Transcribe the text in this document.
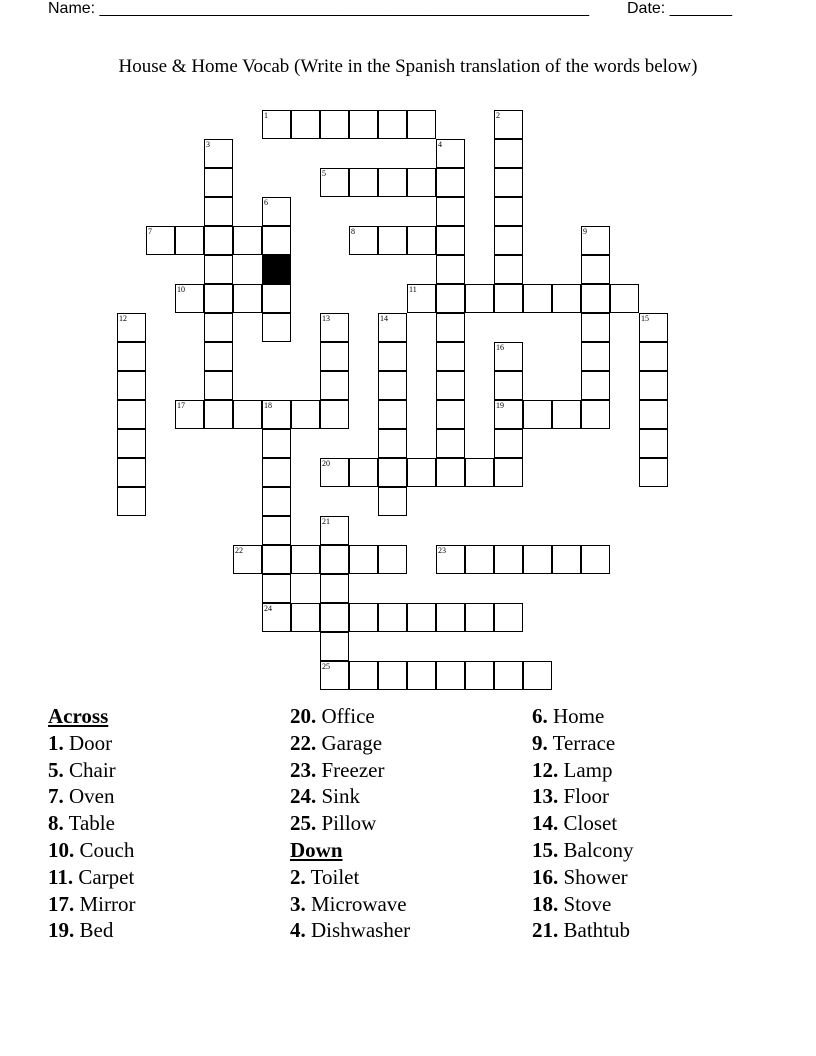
Name: _______________________________________________________ Date: _______
House & Home Vocab (Write in the Spanish translation of the words below)
1	2
3	4
5
6
7	8	9
10	11
12	13	14	15
16
19
17	18
24
20
21
25
22	23
Across
1. Door
5. Chair
7. Oven
8. Table
10. Couch
11. Carpet
17. Mirror
19. Bed
20. Office
22. Garage
23. Freezer
24. Sink
25. Pillow
Down
2. Toilet
3. Microwave
4. Dishwasher
6. Home
9. Terrace
12. Lamp
13. Floor
14. Closet
15. Balcony
16. Shower
18. Stove
21. Bathtub
